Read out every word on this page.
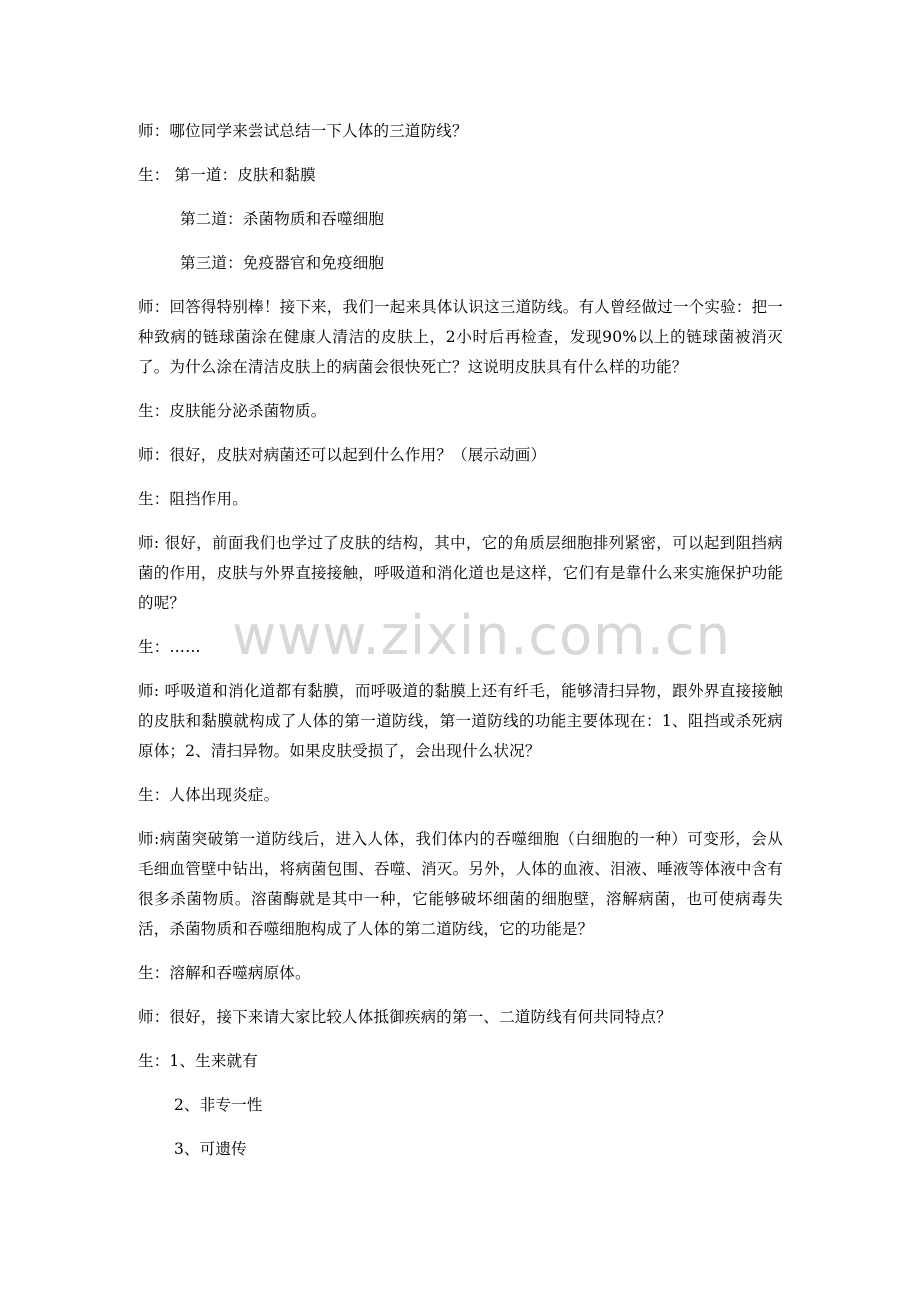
师：哪位同学来尝试总结一下人体的三道防线？

生： 第一道：皮肤和黏膜

第二道：杀菌物质和吞噬细胞

第三道：免疫器官和免疫细胞

师：回答得特别棒！接下来，我们一起来具体认识这三道防线。有人曾经做过一个实验：把一种致病的链球菌涂在健康人清洁的皮肤上，2小时后再检查，发现90%以上的链球菌被消灭了。为什么涂在清洁皮肤上的病菌会很快死亡？这说明皮肤具有什么样的功能？

生：皮肤能分泌杀菌物质。

师：很好，皮肤对病菌还可以起到什么作用？（展示动画）

生：阻挡作用。

师: 很好，前面我们也学过了皮肤的结构，其中，它的角质层细胞排列紧密，可以起到阻挡病菌的作用，皮肤与外界直接接触，呼吸道和消化道也是这样，它们有是靠什么来实施保护功能的呢？

生：……

师: 呼吸道和消化道都有黏膜，而呼吸道的黏膜上还有纤毛，能够清扫异物，跟外界直接接触的皮肤和黏膜就构成了人体的第一道防线，第一道防线的功能主要体现在：1、阻挡或杀死病原体；2、清扫异物。如果皮肤受损了，会出现什么状况？

生：人体出现炎症。

师:病菌突破第一道防线后，进入人体，我们体内的吞噬细胞（白细胞的一种）可变形，会从毛细血管壁中钻出，将病菌包围、吞噬、消灭。另外，人体的血液、泪液、唾液等体液中含有很多杀菌物质。溶菌酶就是其中一种，它能够破坏细菌的细胞壁，溶解病菌，也可使病毒失活，杀菌物质和吞噬细胞构成了人体的第二道防线，它的功能是？

生：溶解和吞噬病原体。

师：很好，接下来请大家比较人体抵御疾病的第一、二道防线有何共同特点？

生：1、生来就有

2、非专一性

3、可遗传

www.zixin.com.cn
